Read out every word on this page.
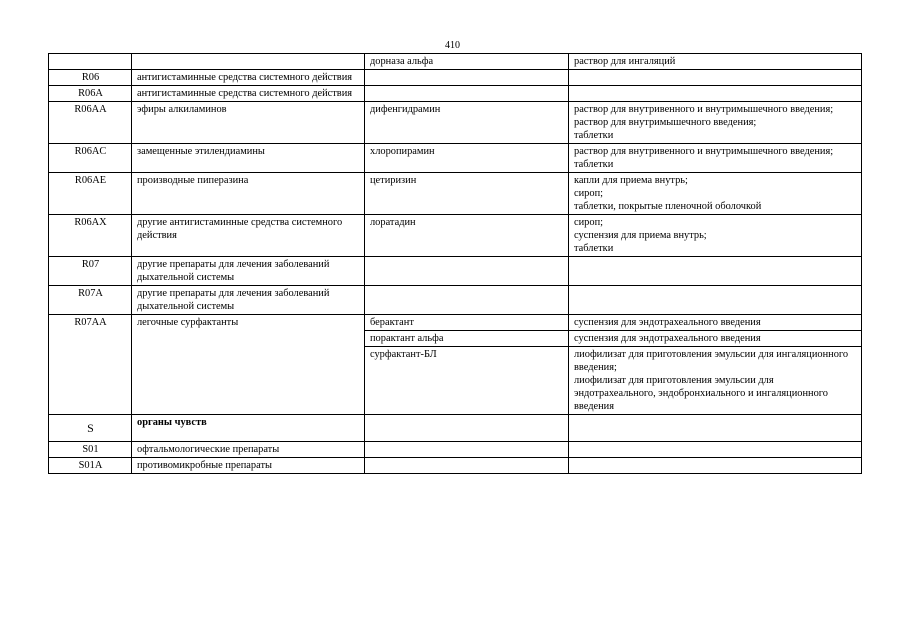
410
		дорназа альфа	раствор для ингаляций

R06	антигистаминные средства системного действия		
R06A	антигистаминные средства системного действия		
R06AA	эфиры алкиламинов	дифенгидрамин	раствор для внутривенного и внутримышечного введения;
раствор для внутримышечного введения;
таблетки

R06AC	замещенные этилендиамины	хлоропирамин	раствор для внутривенного и внутримышечного введения;
таблетки

R06AE	производные пиперазина	цетиризин	капли для приема внутрь;
сироп;
таблетки, покрытые пленочной оболочкой

R06AX	другие антигистаминные средства системного действия	лоратадин	сироп;
суспензия для приема внутрь;
таблетки

R07	другие препараты для лечения заболеваний дыхательной системы		
R07A	другие препараты для лечения заболеваний дыхательной системы		
R07AA	легочные сурфактанты	берактант	суспензия для эндотрахеального введения

		порактант альфа	суспензия для эндотрахеального введения

		сурфактант-БЛ	лиофилизат для приготовления эмульсии для ингаляционного введения;
лиофилизат для приготовления эмульсии для эндотрахеального, эндобронхиального и ингаляционного введения

S	органы чувств		
S01	офтальмологические препараты		
S01A	противомикробные препараты		
